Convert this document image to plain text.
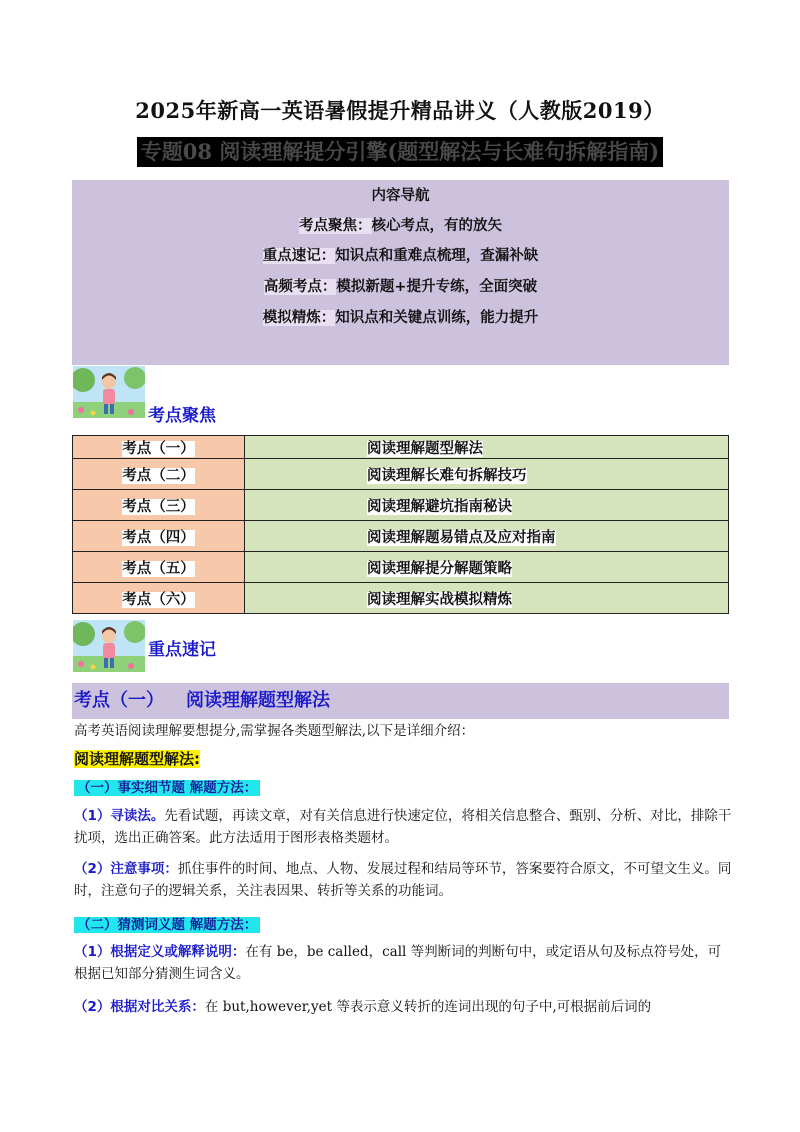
2025年新高一英语暑假提升精品讲义（人教版2019）
专题08 阅读理解提分引擎(题型解法与长难句拆解指南)
内容导航
考点聚焦：核心考点，有的放矢
重点速记：知识点和重难点梳理，查漏补缺
高频考点：模拟新题+提升专练，全面突破
模拟精炼：知识点和关键点训练，能力提升
考点聚焦
考点（一）	阅读理解题型解法
考点（二）	阅读理解长难句拆解技巧
考点（三）	阅读理解避坑指南秘诀
考点（四）	阅读理解题易错点及应对指南
考点（五）	阅读理解提分解题策略
考点（六）	阅读理解实战模拟精炼
重点速记
考点（一） 阅读理解题型解法
高考英语阅读理解要想提分,需掌握各类题型解法,以下是详细介绍：
阅读理解题型解法:
（一）事实细节题 解题方法：
（1）寻读法。先看试题，再读文章，对有关信息进行快速定位，将相关信息整合、甄别、分析、对比，排除干扰项，选出正确答案。此方法适用于图形表格类题材。
（2）注意事项：抓住事件的时间、地点、人物、发展过程和结局等环节，答案要符合原文，不可望文生义。同时，注意句子的逻辑关系，关注表因果、转折等关系的功能词。
（二）猜测词义题 解题方法：
（1）根据定义或解释说明：在有 be，be called，call 等判断词的判断句中，或定语从句及标点符号处，可根据已知部分猜测生词含义。
（2）根据对比关系：在 but,however,yet 等表示意义转折的连词出现的句子中,可根据前后词的
